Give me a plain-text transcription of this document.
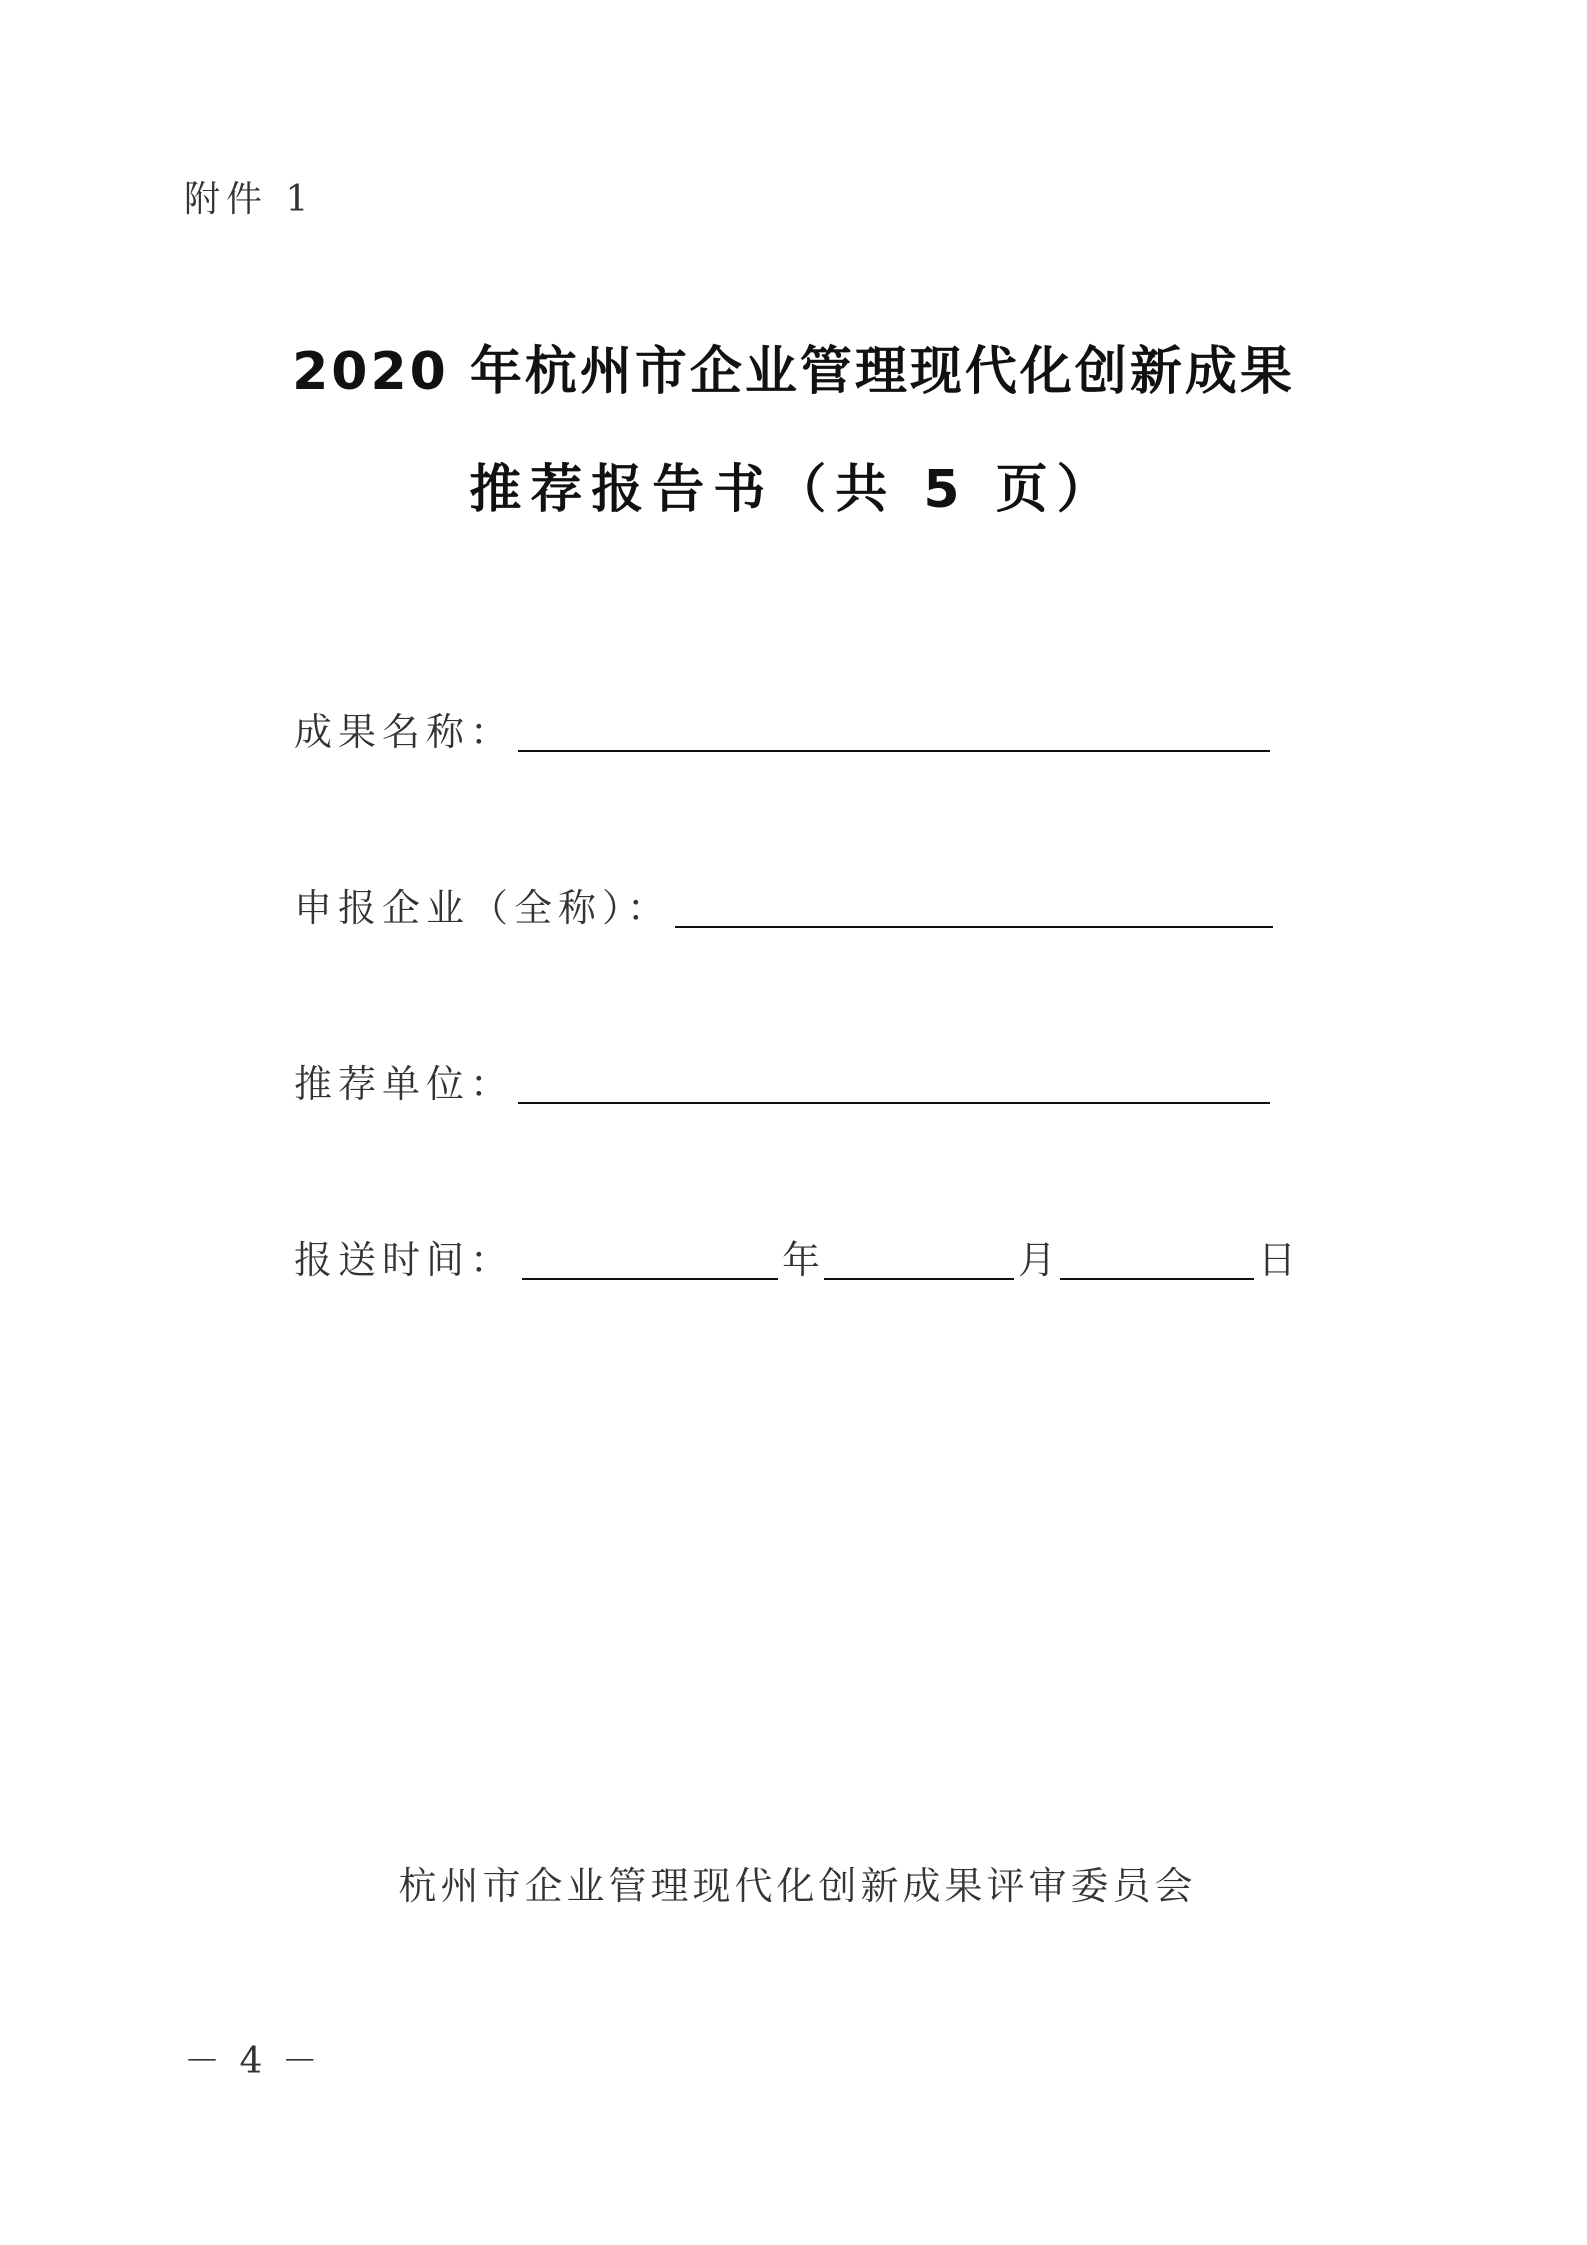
附件 1
2020 年杭州市企业管理现代化创新成果
推荐报告书（共 5 页）
成果名称：
申报企业（全称）：
推荐单位：
报送时间：	年	月	日
杭州市企业管理现代化创新成果评审委员会
－ 4 －
